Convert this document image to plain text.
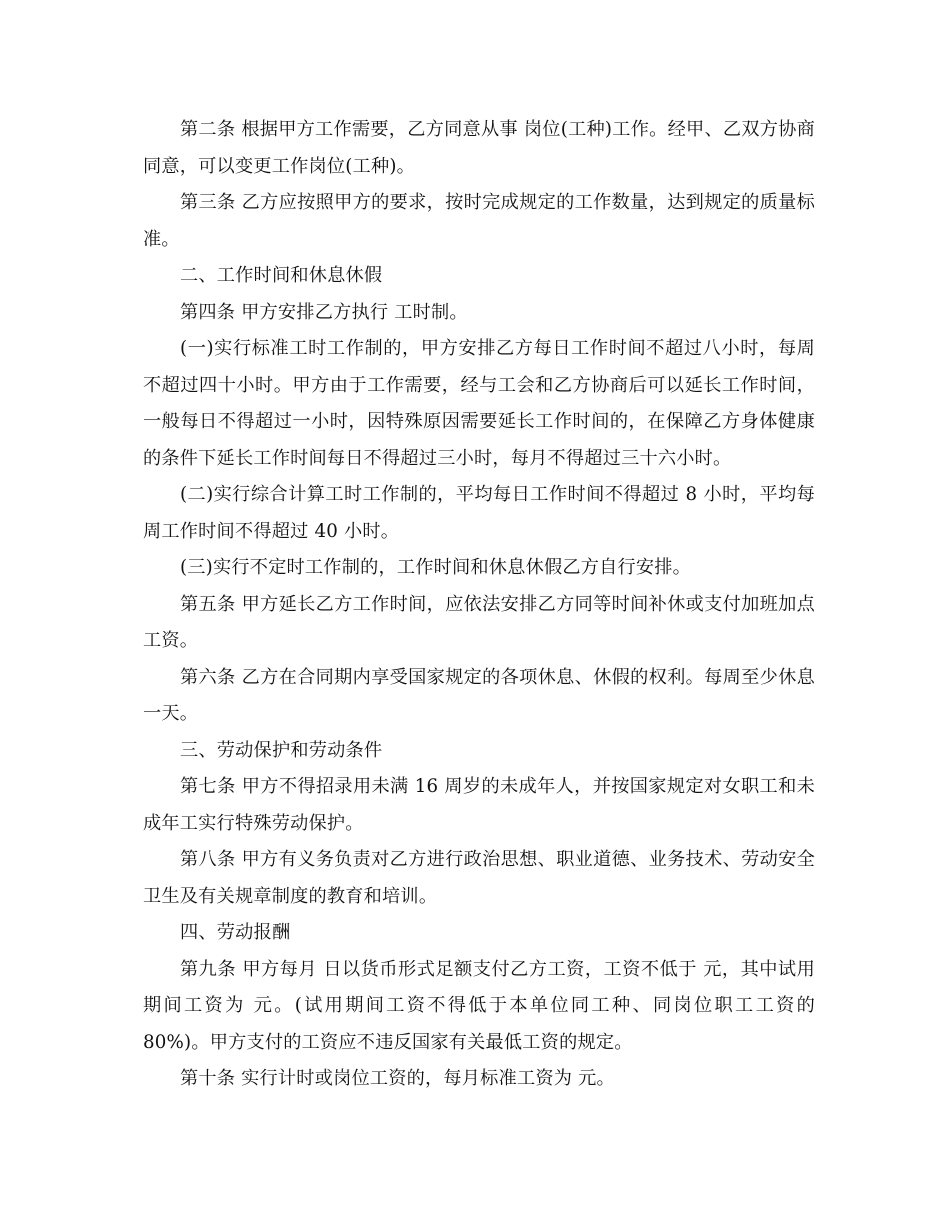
第二条 根据甲方工作需要，乙方同意从事 岗位(工种)工作。经甲、乙双方协商同意，可以变更工作岗位(工种)。

第三条 乙方应按照甲方的要求，按时完成规定的工作数量，达到规定的质量标准。

二、工作时间和休息休假

第四条 甲方安排乙方执行 工时制。

(一)实行标准工时工作制的，甲方安排乙方每日工作时间不超过八小时，每周不超过四十小时。甲方由于工作需要，经与工会和乙方协商后可以延长工作时间，一般每日不得超过一小时，因特殊原因需要延长工作时间的，在保障乙方身体健康的条件下延长工作时间每日不得超过三小时，每月不得超过三十六小时。

(二)实行综合计算工时工作制的，平均每日工作时间不得超过 8 小时，平均每周工作时间不得超过 40 小时。

(三)实行不定时工作制的，工作时间和休息休假乙方自行安排。

第五条 甲方延长乙方工作时间，应依法安排乙方同等时间补休或支付加班加点工资。

第六条 乙方在合同期内享受国家规定的各项休息、休假的权利。每周至少休息一天。

三、劳动保护和劳动条件

第七条 甲方不得招录用未满 16 周岁的未成年人，并按国家规定对女职工和未成年工实行特殊劳动保护。

第八条 甲方有义务负责对乙方进行政治思想、职业道德、业务技术、劳动安全卫生及有关规章制度的教育和培训。

四、劳动报酬

第九条 甲方每月 日以货币形式足额支付乙方工资，工资不低于 元，其中试用期间工资为 元。(试用期间工资不得低于本单位同工种、同岗位职工工资的 80%)。甲方支付的工资应不违反国家有关最低工资的规定。

第十条 实行计时或岗位工资的，每月标准工资为 元。
